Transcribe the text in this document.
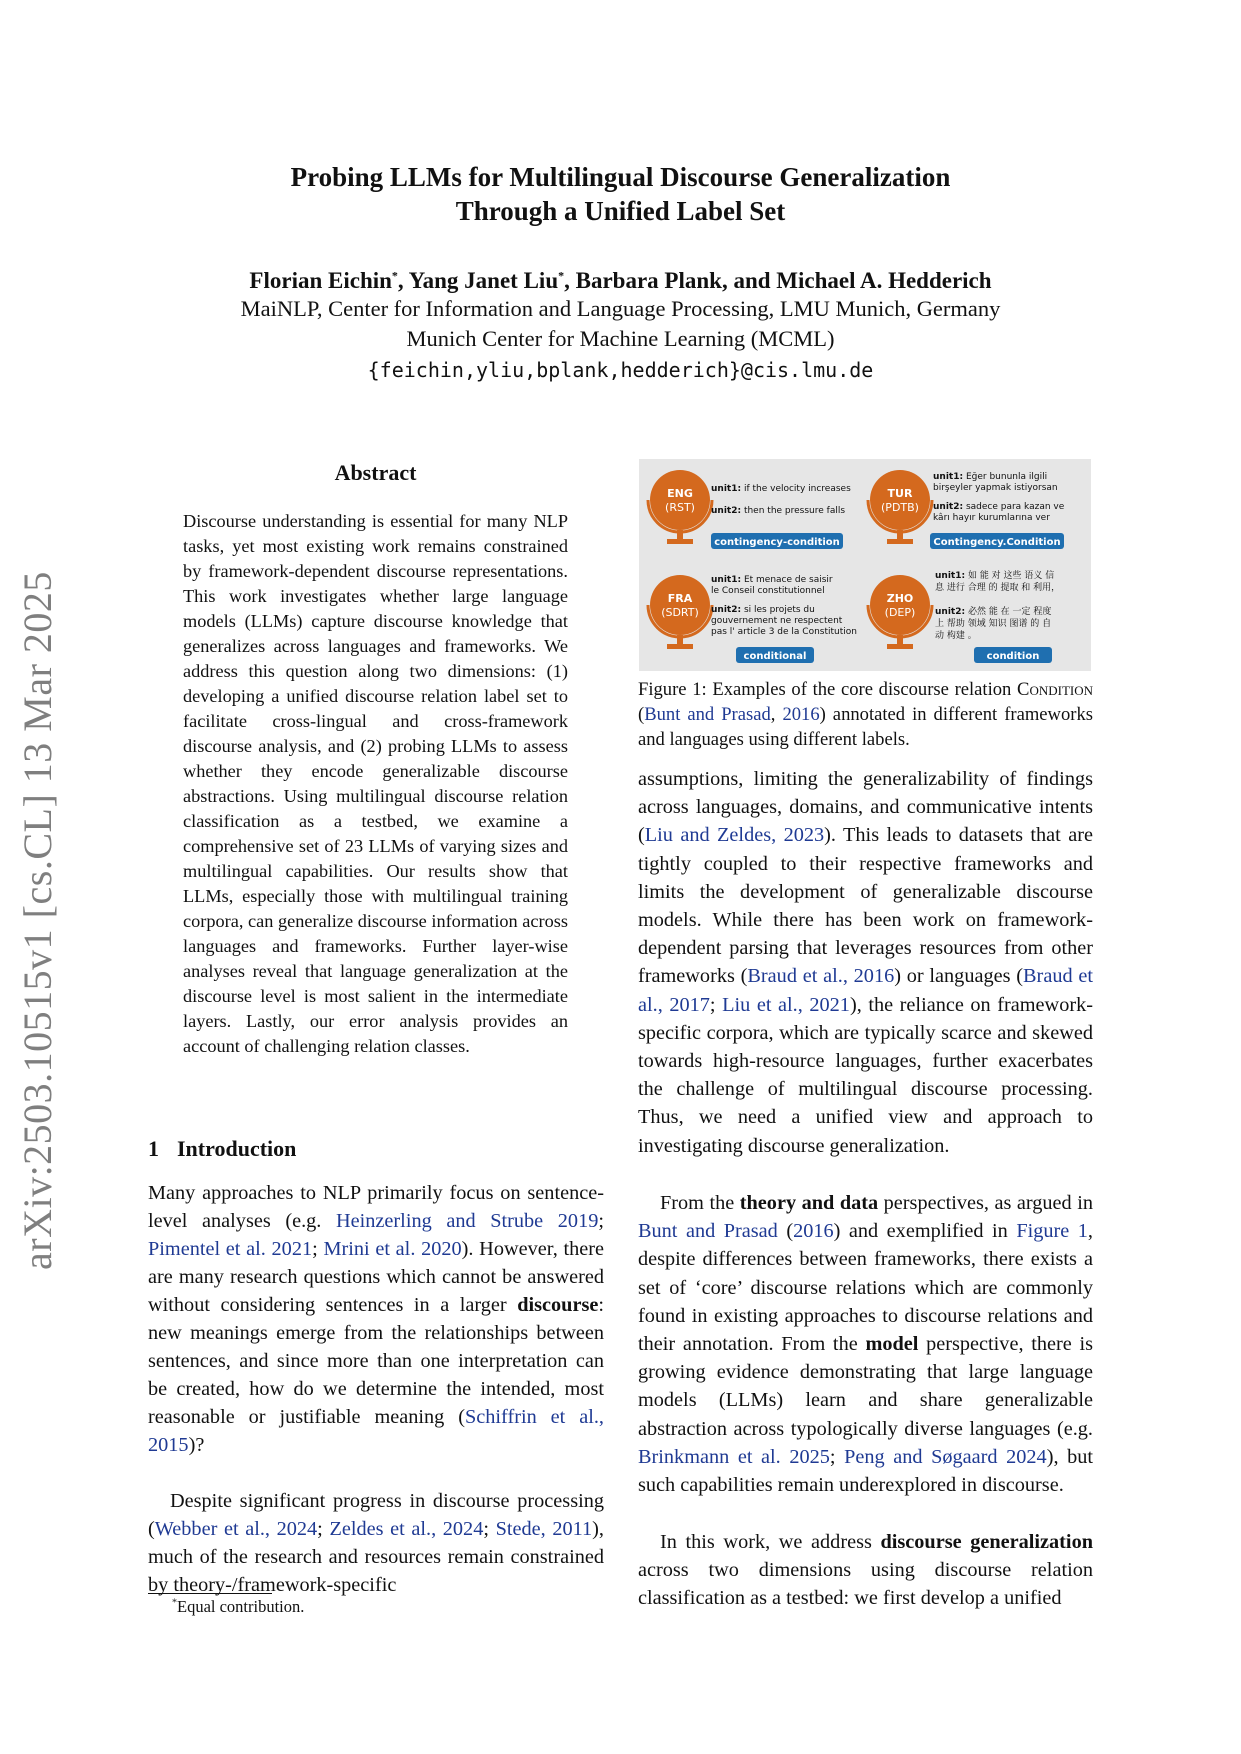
arXiv:2503.10515v1 [cs.CL] 13 Mar 2025
Probing LLMs for Multilingual Discourse Generalization
Through a Unified Label Set
Florian Eichin*, Yang Janet Liu*, Barbara Plank, and Michael A. Hedderich
MaiNLP, Center for Information and Language Processing, LMU Munich, Germany
Munich Center for Machine Learning (MCML)
{feichin,yliu,bplank,hedderich}@cis.lmu.de
Abstract
Discourse understanding is essential for many NLP tasks, yet most existing work remains constrained by framework-dependent discourse representations. This work investigates whether large language models (LLMs) capture discourse knowledge that generalizes across languages and frameworks. We address this question along two dimensions: (1) developing a unified discourse relation label set to facilitate cross-lingual and cross-framework discourse analysis, and (2) probing LLMs to assess whether they encode generalizable discourse abstractions. Using multilingual discourse relation classification as a testbed, we examine a comprehensive set of 23 LLMs of varying sizes and multilingual capabilities. Our results show that LLMs, especially those with multilingual training corpora, can generalize discourse information across languages and frameworks. Further layer-wise analyses reveal that language generalization at the discourse level is most salient in the intermediate layers. Lastly, our error analysis provides an account of challenging relation classes.
1 Introduction

Many approaches to NLP primarily focus on sentence-level analyses (e.g. Heinzerling and Strube 2019; Pimentel et al. 2021; Mrini et al. 2020). However, there are many research questions which cannot be answered without considering sentences in a larger discourse: new meanings emerge from the relationships between sentences, and since more than one interpretation can be created, how do we determine the intended, most reasonable or justifiable meaning (Schiffrin et al., 2015)?

Despite significant progress in discourse processing (Webber et al., 2024; Zeldes et al., 2024; Stede, 2011), much of the research and resources remain constrained by theory-/framework-specific

*Equal contribution.
ENG
(RST)
unit1: if the velocity increases
unit2: then the pressure falls
contingency-condition
TUR
(PDTB)
unit1: Eğer bununla ilgili
birşeyler yapmak istiyorsan
unit2: sadece para kazan ve
kârı hayır kurumlarına ver
Contingency.Condition
FRA
(SDRT)
unit1: Et menace de saisir
le Conseil constitutionnel
unit2: si les projets du
gouvernement ne respectent
pas l' article 3 de la Constitution
conditional
ZHO
(DEP)
unit1: 如 能 对 这些 语义 信
息 进行 合理 的 提取 和 利用，
unit2: 必然 能 在 一定 程度
上 帮助 领域 知识 图谱 的 自
动 构建 。
condition
Figure 1: Examples of the core discourse relation Condition (Bunt and Prasad, 2016) annotated in different frameworks and languages using different labels.

assumptions, limiting the generalizability of findings across languages, domains, and communicative intents (Liu and Zeldes, 2023). This leads to datasets that are tightly coupled to their respective frameworks and limits the development of generalizable discourse models. While there has been work on framework-dependent parsing that leverages resources from other frameworks (Braud et al., 2016) or languages (Braud et al., 2017; Liu et al., 2021), the reliance on framework-specific corpora, which are typically scarce and skewed towards high-resource languages, further exacerbates the challenge of multilingual discourse processing. Thus, we need a unified view and approach to investigating discourse generalization.

From the theory and data perspectives, as argued in Bunt and Prasad (2016) and exemplified in Figure 1, despite differences between frameworks, there exists a set of ‘core’ discourse relations which are commonly found in existing approaches to discourse relations and their annotation. From the model perspective, there is growing evidence demonstrating that large language models (LLMs) learn and share generalizable abstraction across typologically diverse languages (e.g. Brinkmann et al. 2025; Peng and Søgaard 2024), but such capabilities remain underexplored in discourse.

In this work, we address discourse generalization across two dimensions using discourse relation classification as a testbed: we first develop a unified
